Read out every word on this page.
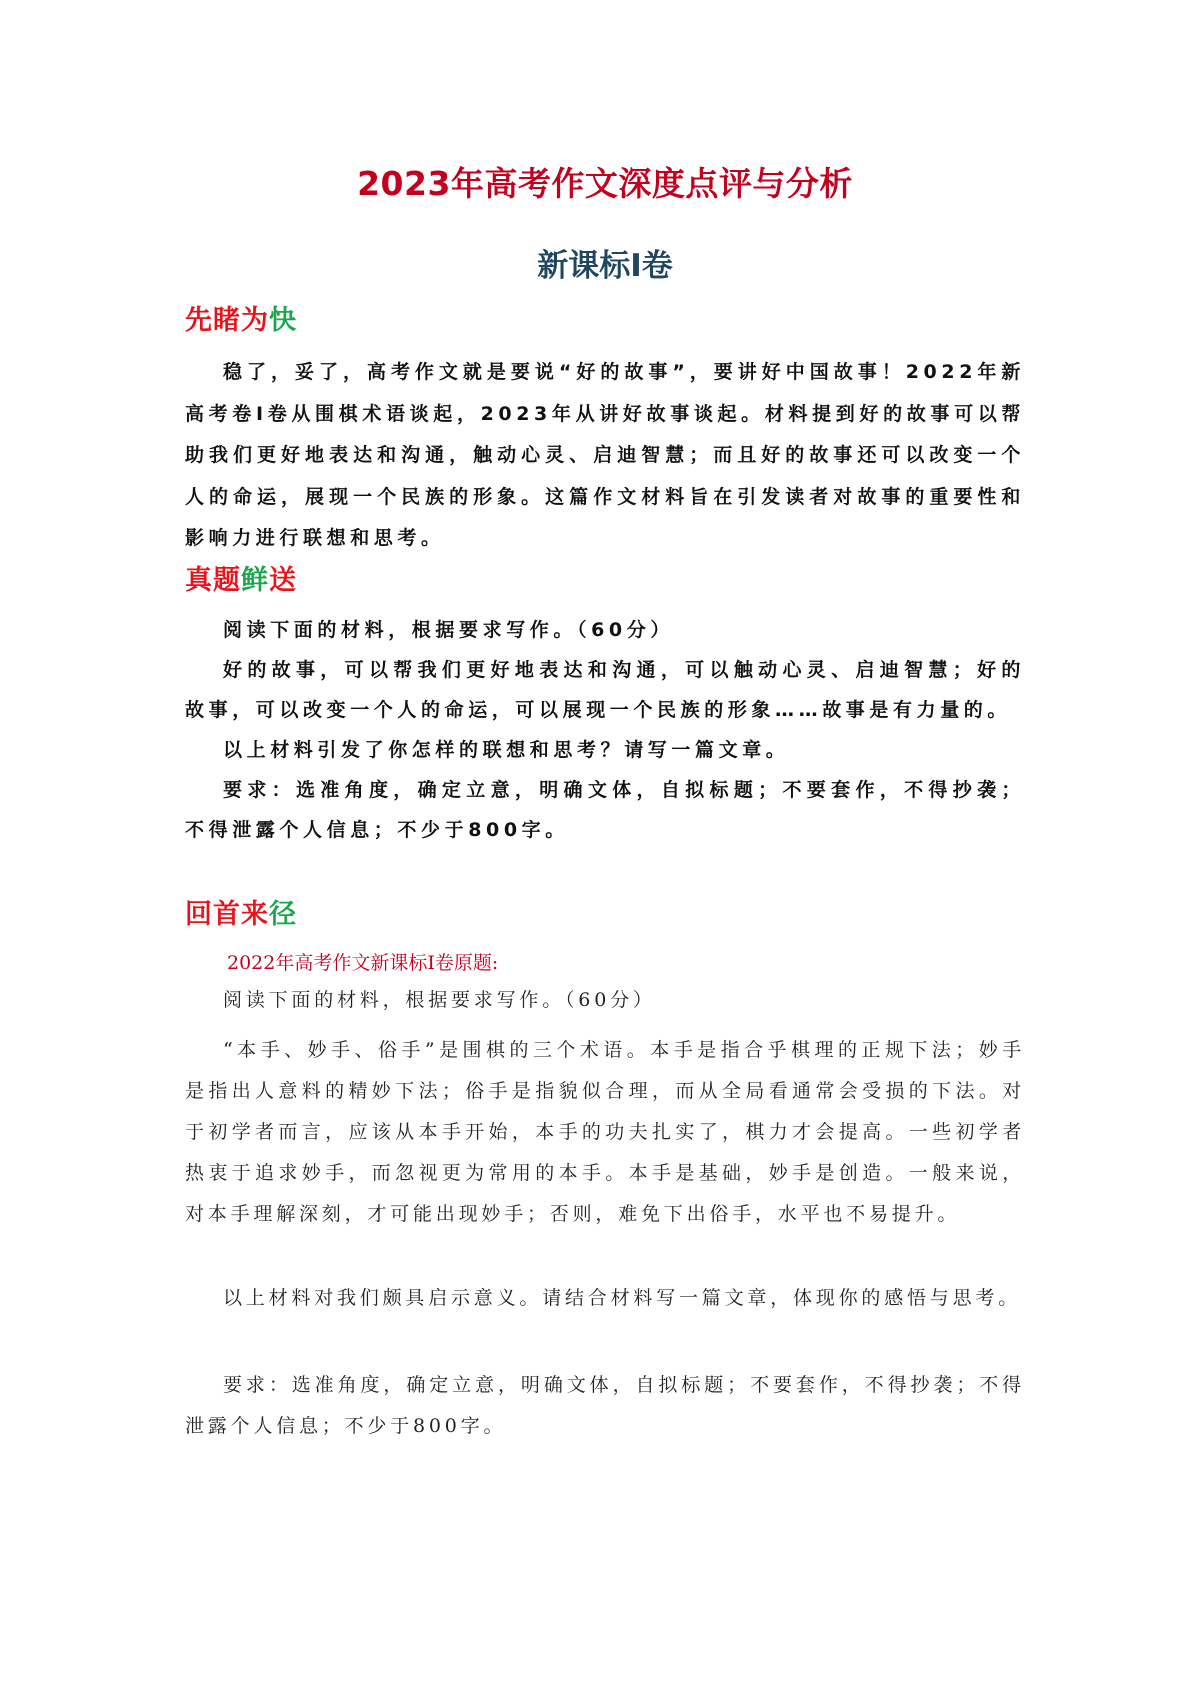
2023年高考作文深度点评与分析
新课标Ⅰ卷
先睹为快

稳了，妥了，高考作文就是要说“好的故事”，要讲好中国故事！2022年新高考卷Ⅰ卷从围棋术语谈起，2023年从讲好故事谈起。材料提到好的故事可以帮助我们更好地表达和沟通，触动心灵、启迪智慧；而且好的故事还可以改变一个人的命运，展现一个民族的形象。这篇作文材料旨在引发读者对故事的重要性和影响力进行联想和思考。

真题鲜送

阅读下面的材料，根据要求写作。（60分）

好的故事，可以帮我们更好地表达和沟通，可以触动心灵、启迪智慧；好的故事，可以改变一个人的命运，可以展现一个民族的形象……故事是有力量的。

以上材料引发了你怎样的联想和思考？请写一篇文章。

要求：选准角度，确定立意，明确文体，自拟标题；不要套作，不得抄袭；不得泄露个人信息；不少于800字。

回首来径
2022年高考作文新课标Ⅰ卷原题:

阅读下面的材料，根据要求写作。（60分）

“本手、妙手、俗手”是围棋的三个术语。本手是指合乎棋理的正规下法；妙手是指出人意料的精妙下法；俗手是指貌似合理，而从全局看通常会受损的下法。对于初学者而言，应该从本手开始，本手的功夫扎实了，棋力才会提高。一些初学者热衷于追求妙手，而忽视更为常用的本手。本手是基础，妙手是创造。一般来说，对本手理解深刻，才可能出现妙手；否则，难免下出俗手，水平也不易提升。

以上材料对我们颇具启示意义。请结合材料写一篇文章，体现你的感悟与思考。

要求：选准角度，确定立意，明确文体，自拟标题；不要套作，不得抄袭；不得泄露个人信息；不少于800字。
